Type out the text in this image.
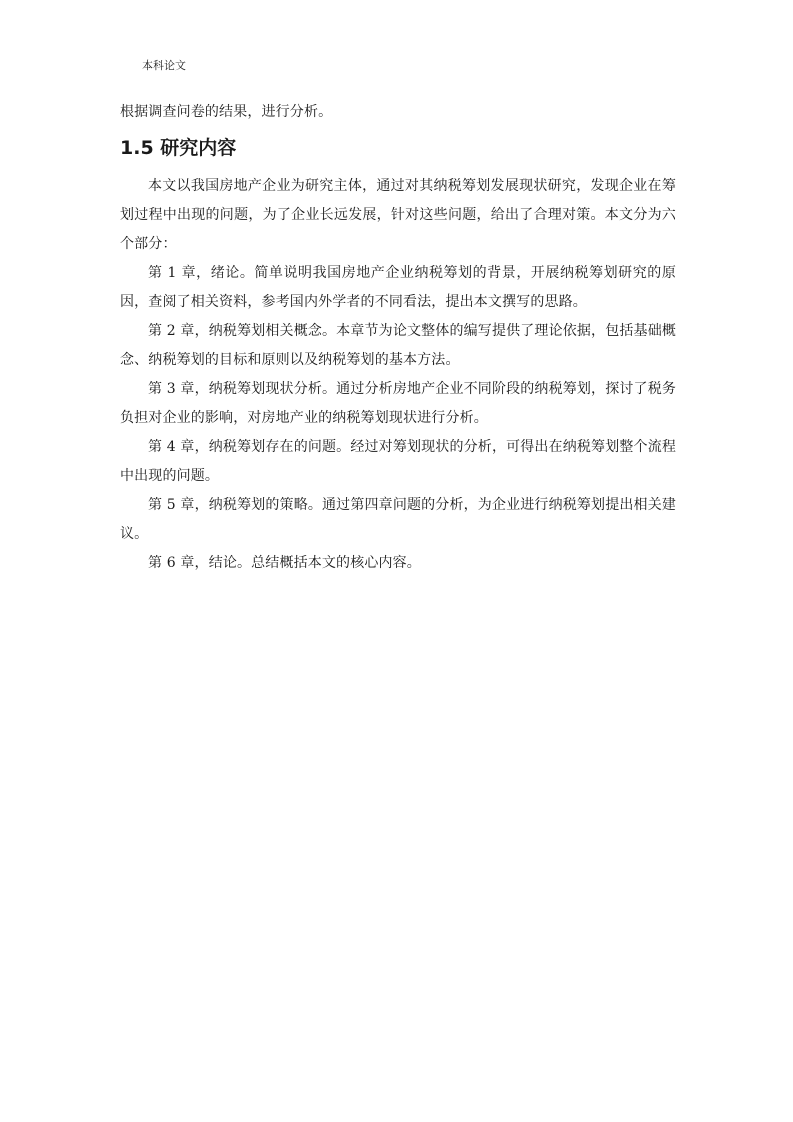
本科论文

根据调查问卷的结果，进行分析。

1.5 研究内容

本文以我国房地产企业为研究主体，通过对其纳税筹划发展现状研究，发现企业在筹划过程中出现的问题，为了企业长远发展，针对这些问题，给出了合理对策。本文分为六个部分：

第 1 章，绪论。简单说明我国房地产企业纳税筹划的背景，开展纳税筹划研究的原因，查阅了相关资料，参考国内外学者的不同看法，提出本文撰写的思路。

第 2 章，纳税筹划相关概念。本章节为论文整体的编写提供了理论依据，包括基础概念、纳税筹划的目标和原则以及纳税筹划的基本方法。

第 3 章，纳税筹划现状分析。通过分析房地产企业不同阶段的纳税筹划，探讨了税务负担对企业的影响，对房地产业的纳税筹划现状进行分析。

第 4 章，纳税筹划存在的问题。经过对筹划现状的分析，可得出在纳税筹划整个流程中出现的问题。

第 5 章，纳税筹划的策略。通过第四章问题的分析，为企业进行纳税筹划提出相关建议。

第 6 章，结论。总结概括本文的核心内容。
